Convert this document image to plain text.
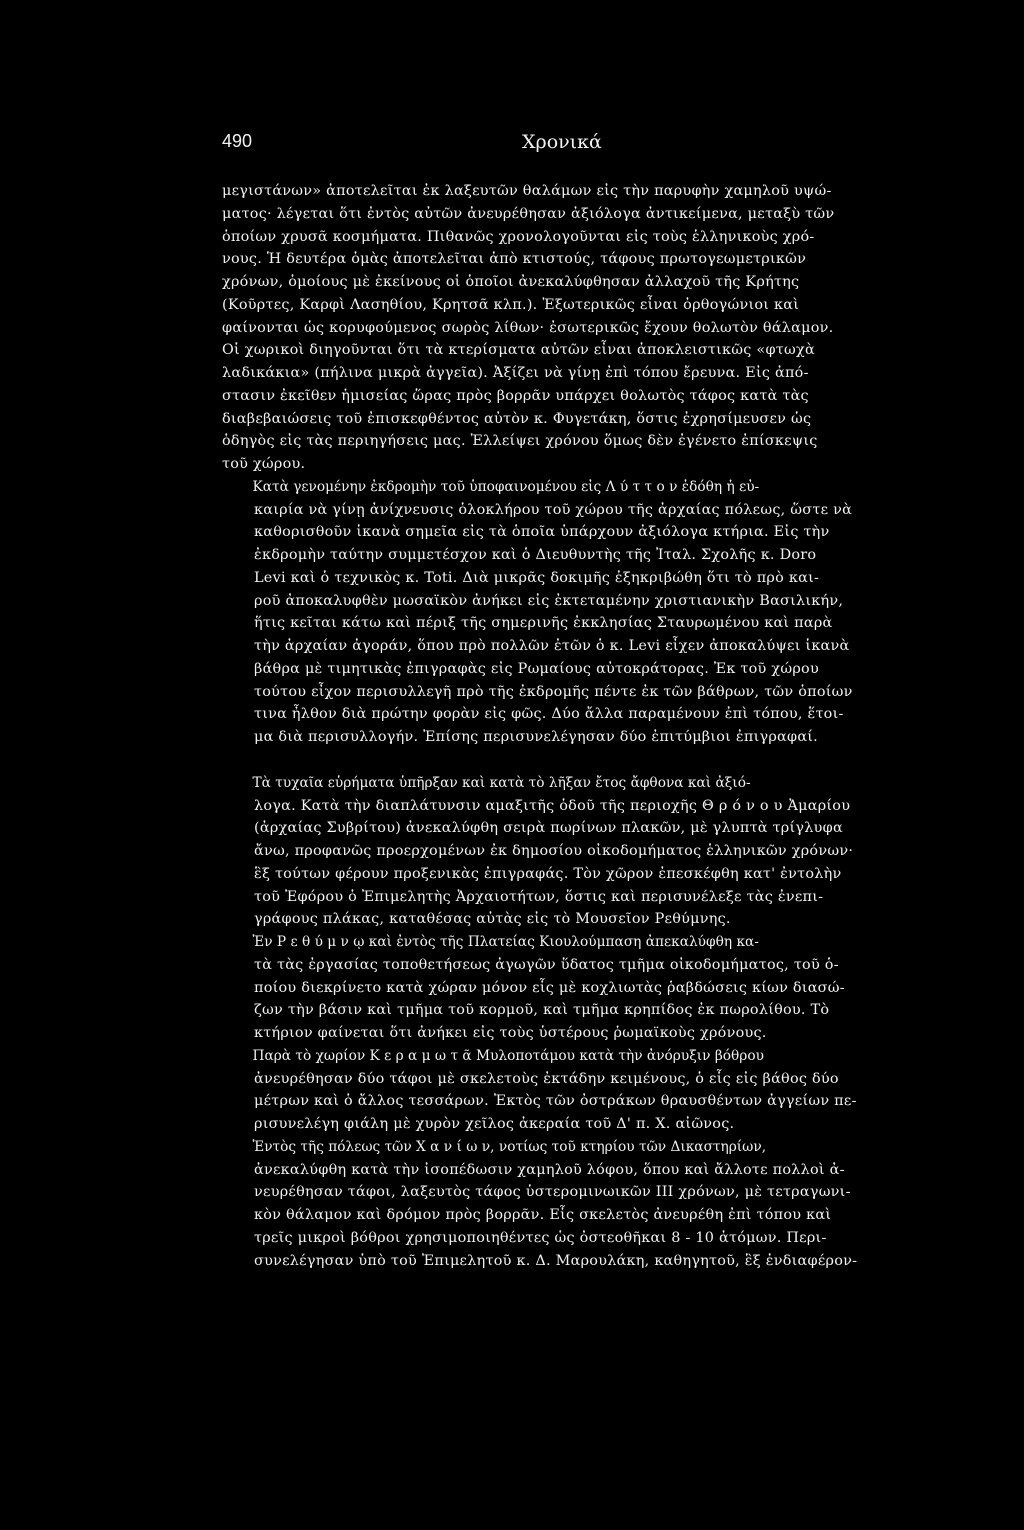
490	Χρονικά
μεγιστάνων» ἀποτελεῖται ἐκ λαξευτῶν θαλάμων εἰς τὴν παρυφὴν χαμηλοῦ υψώ-
ματος· λέγεται ὅτι ἐντὸς αὐτῶν ἀνευρέθησαν ἀξιόλογα ἀντικείμενα, μεταξὺ τῶν
ὁποίων χρυσᾶ κοσμήματα. Πιθανῶς χρονολογοῦνται εἰς τοὺς ἑλληνικοὺς χρό-
νους. Ἡ δευτέρα ὁμὰς ἀποτελεῖται ἀπὸ κτιστούς, τάφους πρωτογεωμετρικῶν
χρόνων, ὁμοίους μὲ ἐκείνους οἱ ὁποῖοι ἀνεκαλύφθησαν ἀλλαχοῦ τῆς Κρήτης
(Κοῦρτες, Καρφὶ Λασηθίου, Κρητσᾶ κλπ.). Ἐξωτερικῶς εἶναι ὀρθογώνιοι καὶ
φαίνονται ὡς κορυφούμενος σωρὸς λίθων· ἐσωτερικῶς ἔχουν θολωτὸν θάλαμον.
Οἱ χωρικοὶ διηγοῦνται ὅτι τὰ κτερίσματα αὐτῶν εἶναι ἀποκλειστικῶς «φτωχὰ
λαδικάκια» (πήλινα μικρὰ ἀγγεῖα). Ἀξίζει νὰ γίνῃ ἐπὶ τόπου ἔρευνα. Εἰς ἀπό-
στασιν ἐκεῖθεν ἡμισείας ὥρας πρὸς βορρᾶν υπάρχει θολωτὸς τάφος κατὰ τὰς
διαβεβαιώσεις τοῦ ἐπισκεφθέντος αὐτὸν κ. Φυγετάκη, ὅστις ἐχρησίμευσεν ὡς
ὁδηγὸς εἰς τὰς περιηγήσεις μας. Ἐλλείψει χρόνου ὅμως δὲν ἐγένετο ἐπίσκεψις
τοῦ χώρου.
Κατὰ γενομένην ἐκδρομὴν τοῦ ὑποφαινομένου εἰς Λ ύ τ τ ο ν ἐδόθη ἡ εὐ-
καιρία νὰ γίνῃ ἀνίχνευσις ὁλοκλήρου τοῦ χώρου τῆς ἀρχαίας πόλεως, ὥστε νὰ
καθορισθοῦν ἱκανὰ σημεῖα εἰς τὰ ὁποῖα ὑπάρχουν ἀξιόλογα κτήρια. Εἰς τὴν
ἐκδρομὴν ταύτην συμμετέσχον καὶ ὁ Διευθυντὴς τῆς Ἰταλ. Σχολῆς κ. Doro
Levi καὶ ὁ τεχνικὸς κ. Toti. Διὰ μικρᾶς δοκιμῆς ἐξηκριβώθη ὅτι τὸ πρὸ και-
ροῦ ἀποκαλυφθὲν μωσαϊκὸν ἀνήκει εἰς ἐκτεταμένην χριστιανικὴν Βασιλικήν,
ἥτις κεῖται κάτω καὶ πέριξ τῆς σημερινῆς ἐκκλησίας Σταυρωμένου καὶ παρὰ
τὴν ἀρχαίαν ἀγοράν, ὅπου πρὸ πολλῶν ἐτῶν ὁ κ. Levi εἶχεν ἀποκαλύψει ἱκανὰ
βάθρα μὲ τιμητικὰς ἐπιγραφὰς εἰς Ρωμαίους αὐτοκράτορας. Ἐκ τοῦ χώρου
τούτου εἶχον περισυλλεγῆ πρὸ τῆς ἐκδρομῆς πέντε ἐκ τῶν βάθρων, τῶν ὁποίων
τινα ἦλθον διὰ πρώτην φορὰν εἰς φῶς. Δύο ἄλλα παραμένουν ἐπὶ τόπου, ἕτοι-
μα διὰ περισυλλογήν. Ἐπίσης περισυνελέγησαν δύο ἐπιτύμβιοι ἐπιγραφαί.
Τὰ τυχαῖα εὑρήματα ὑπῆρξαν καὶ κατὰ τὸ λῆξαν ἔτος ἄφθονα καὶ ἀξιό-
λογα. Κατὰ τὴν διαπλάτυνσιν αμαξιτῆς ὁδοῦ τῆς περιοχῆς Θ ρ ό ν ο υ Ἀμαρίου
(ἀρχαίας Συβρίτου) ἀνεκαλύφθη σειρὰ πωρίνων πλακῶν, μὲ γλυπτὰ τρίγλυφα
ἄνω, προφανῶς προερχομένων ἐκ δημοσίου οἰκοδομήματος ἑλληνικῶν χρόνων·
ἓξ τούτων φέρουν προξενικὰς ἐπιγραφάς. Τὸν χῶρον ἐπεσκέφθη κατ' ἐντολὴν
τοῦ Ἐφόρου ὁ Ἐπιμελητὴς Ἀρχαιοτήτων, ὅστις καὶ περισυνέλεξε τὰς ἐνεπι-
γράφους πλάκας, καταθέσας αὐτὰς εἰς τὸ Μουσεῖον Ρεθύμνης.
Ἐν Ρ ε θ ύ μ ν ῳ καὶ ἐντὸς τῆς Πλατείας Κιουλούμπαση ἀπεκαλύφθη κα-
τὰ τὰς ἐργασίας τοποθετήσεως ἀγωγῶν ὕδατος τμῆμα οἰκοδομήματος, τοῦ ὁ-
ποίου διεκρίνετο κατὰ χώραν μόνον εἷς μὲ κοχλιωτὰς ῥαβδώσεις κίων διασώ-
ζων τὴν βάσιν καὶ τμῆμα τοῦ κορμοῦ, καὶ τμῆμα κρηπίδος ἐκ πωρολίθου. Τὸ
κτήριον φαίνεται ὅτι ἀνήκει εἰς τοὺς ὑστέρους ῥωμαϊκοὺς χρόνους.
Παρὰ τὸ χωρίον Κ ε ρ α μ ω τ ᾶ Μυλοποτάμου κατὰ τὴν ἀνόρυξιν βόθρου
ἀνευρέθησαν δύο τάφοι μὲ σκελετοὺς ἐκτάδην κειμένους, ὁ εἷς εἰς βάθος δύο
μέτρων καὶ ὁ ἄλλος τεσσάρων. Ἐκτὸς τῶν ὀστράκων θραυσθέντων ἀγγείων πε-
ρισυνελέγη φιάλη μὲ χυρὸν χεῖλος ἀκεραία τοῦ Δ' π. Χ. αἰῶνος.
Ἐντὸς τῆς πόλεως τῶν Χ α ν ί ω ν, νοτίως τοῦ κτηρίου τῶν Δικαστηρίων,
ἀνεκαλύφθη κατὰ τὴν ἰσοπέδωσιν χαμηλοῦ λόφου, ὅπου καὶ ἄλλοτε πολλοὶ ἀ-
νευρέθησαν τάφοι, λαξευτὸς τάφος ὑστερομινωικῶν ΙΙΙ χρόνων, μὲ τετραγωνι-
κὸν θάλαμον καὶ δρόμον πρὸς βορρᾶν. Εἷς σκελετὸς ἀνευρέθη ἐπὶ τόπου καὶ
τρεῖς μικροὶ βόθροι χρησιμοποιηθέντες ὡς ὀστεοθῆκαι 8 - 10 ἀτόμων. Περι-
συνελέγησαν ὑπὸ τοῦ Ἐπιμελητοῦ κ. Δ. Μαρουλάκη, καθηγητοῦ, ἓξ ἐνδιαφέρον-
